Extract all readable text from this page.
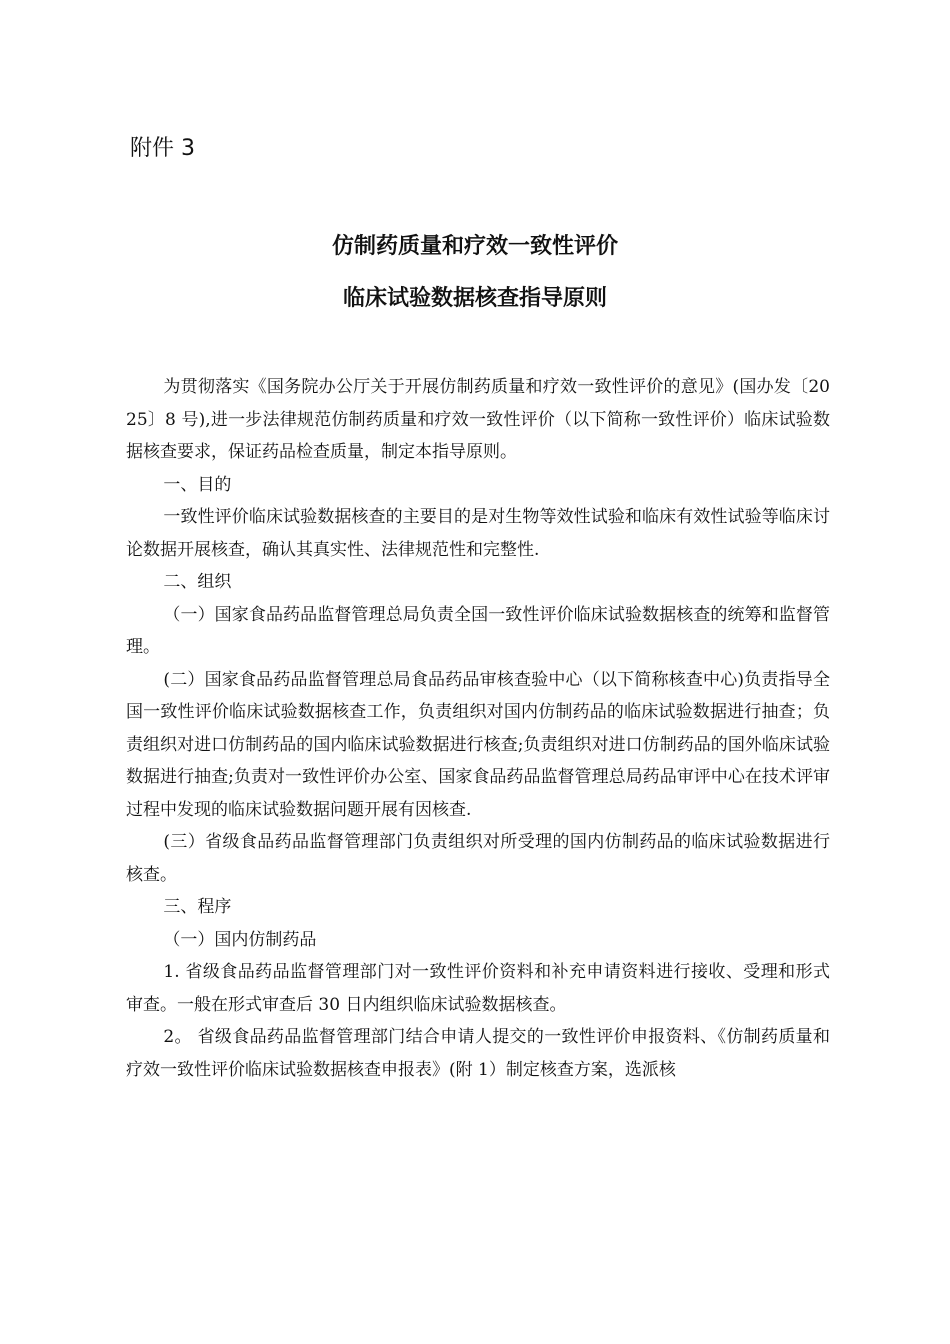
附件 3

仿制药质量和疗效一致性评价
临床试验数据核查指导原则

为贯彻落实《国务院办公厅关于开展仿制药质量和疗效一致性评价的意见》(国办发〔2025〕8 号),进一步法律规范仿制药质量和疗效一致性评价（以下简称一致性评价）临床试验数据核查要求，保证药品检查质量，制定本指导原则。

一、目的

一致性评价临床试验数据核查的主要目的是对生物等效性试验和临床有效性试验等临床讨论数据开展核查，确认其真实性、法律规范性和完整性.

二、组织

（一）国家食品药品监督管理总局负责全国一致性评价临床试验数据核查的统筹和监督管理。

(二）国家食品药品监督管理总局食品药品审核查验中心（以下简称核查中心)负责指导全国一致性评价临床试验数据核查工作，负责组织对国内仿制药品的临床试验数据进行抽查；负责组织对进口仿制药品的国内临床试验数据进行核查;负责组织对进口仿制药品的国外临床试验数据进行抽查;负责对一致性评价办公室、国家食品药品监督管理总局药品审评中心在技术评审过程中发现的临床试验数据问题开展有因核查.

(三）省级食品药品监督管理部门负责组织对所受理的国内仿制药品的临床试验数据进行核查。

三、程序

（一）国内仿制药品

1. 省级食品药品监督管理部门对一致性评价资料和补充申请资料进行接收、受理和形式审查。一般在形式审查后 30 日内组织临床试验数据核查。

2。 省级食品药品监督管理部门结合申请人提交的一致性评价申报资料、《仿制药质量和疗效一致性评价临床试验数据核查申报表》(附 1）制定核查方案，选派核
